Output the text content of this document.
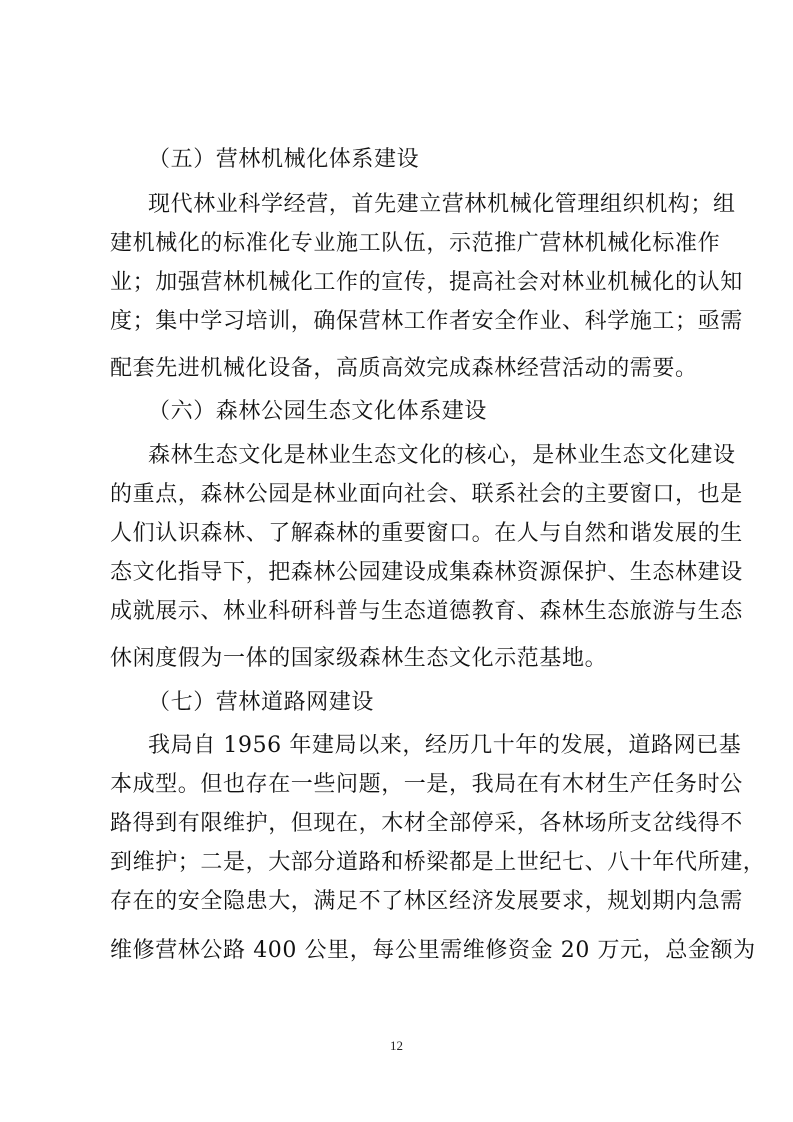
（五）营林机械化体系建设
现代林业科学经营，首先建立营林机械化管理组织机构；组
建机械化的标准化专业施工队伍，示范推广营林机械化标准作
业；加强营林机械化工作的宣传，提高社会对林业机械化的认知
度；集中学习培训，确保营林工作者安全作业、科学施工；亟需
配套先进机械化设备，高质高效完成森林经营活动的需要。
（六）森林公园生态文化体系建设
森林生态文化是林业生态文化的核心，是林业生态文化建设
的重点，森林公园是林业面向社会、联系社会的主要窗口，也是
人们认识森林、了解森林的重要窗口。在人与自然和谐发展的生
态文化指导下，把森林公园建设成集森林资源保护、生态林建设
成就展示、林业科研科普与生态道德教育、森林生态旅游与生态
休闲度假为一体的国家级森林生态文化示范基地。
（七）营林道路网建设
我局自 1956 年建局以来，经历几十年的发展，道路网已基
本成型。但也存在一些问题，一是，我局在有木材生产任务时公
路得到有限维护，但现在，木材全部停采，各林场所支岔线得不
到维护；二是，大部分道路和桥梁都是上世纪七、八十年代所建，
存在的安全隐患大，满足不了林区经济发展要求，规划期内急需
维修营林公路 400 公里，每公里需维修资金 20 万元，总金额为
12
